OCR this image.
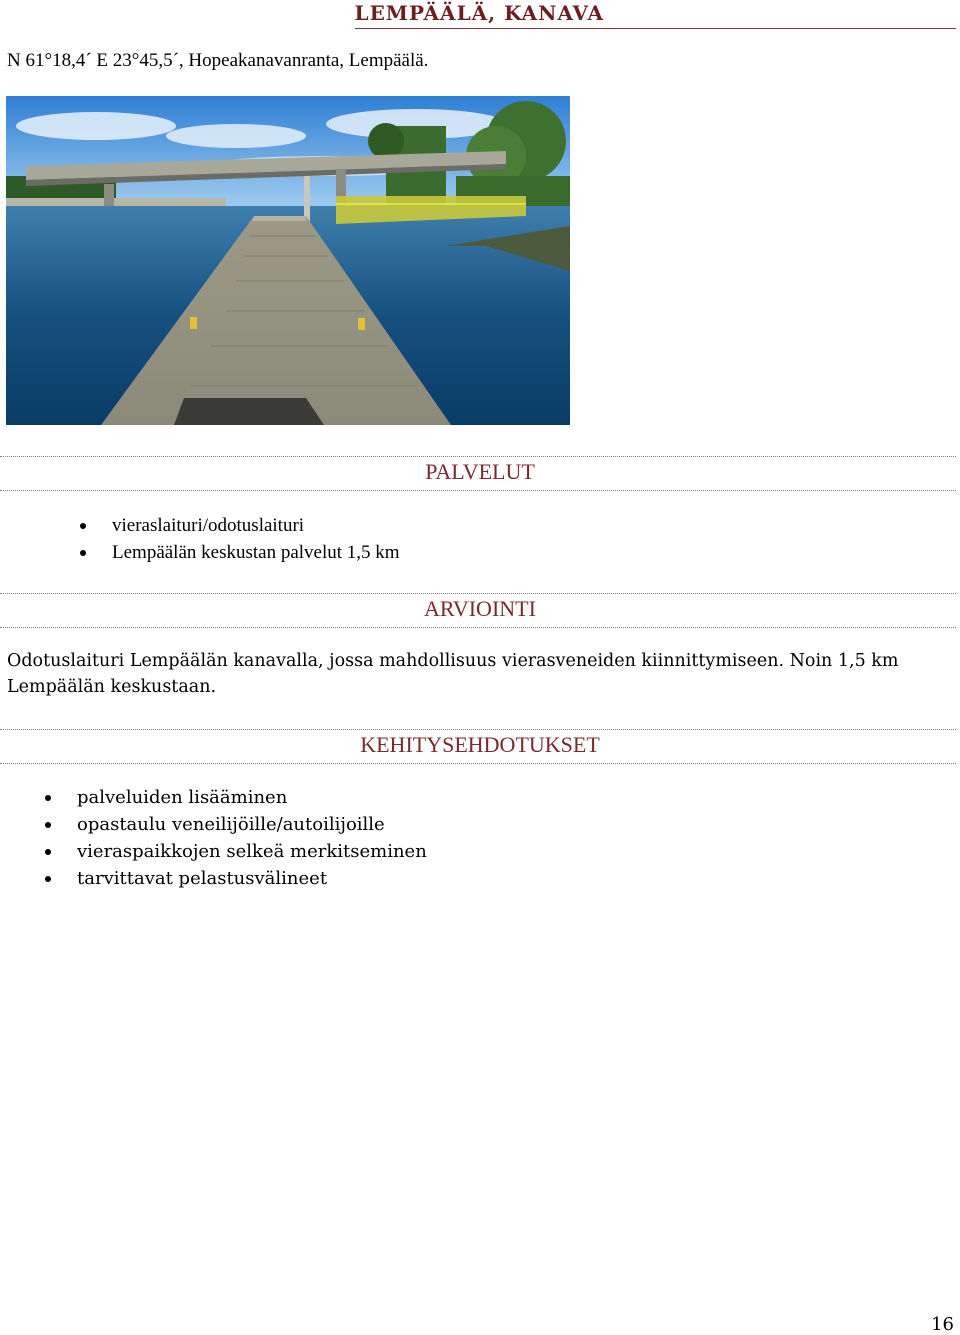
LEMPÄÄLÄ, KANAVA
N 61°18,4´ E 23°45,5´, Hopeakanavanranta, Lempäälä.
PALVELUT
vieraslaituri/odotuslaituri
Lempäälän keskustan palvelut 1,5 km
ARVIOINTI
Odotuslaituri Lempäälän kanavalla, jossa mahdollisuus vierasveneiden kiinnittymiseen. Noin 1,5 km Lempäälän keskustaan.
KEHITYSEHDOTUKSET
palveluiden lisääminen
opastaulu veneilijöille/autoilijoille
vieraspaikkojen selkeä merkitseminen
tarvittavat pelastusvälineet
16
